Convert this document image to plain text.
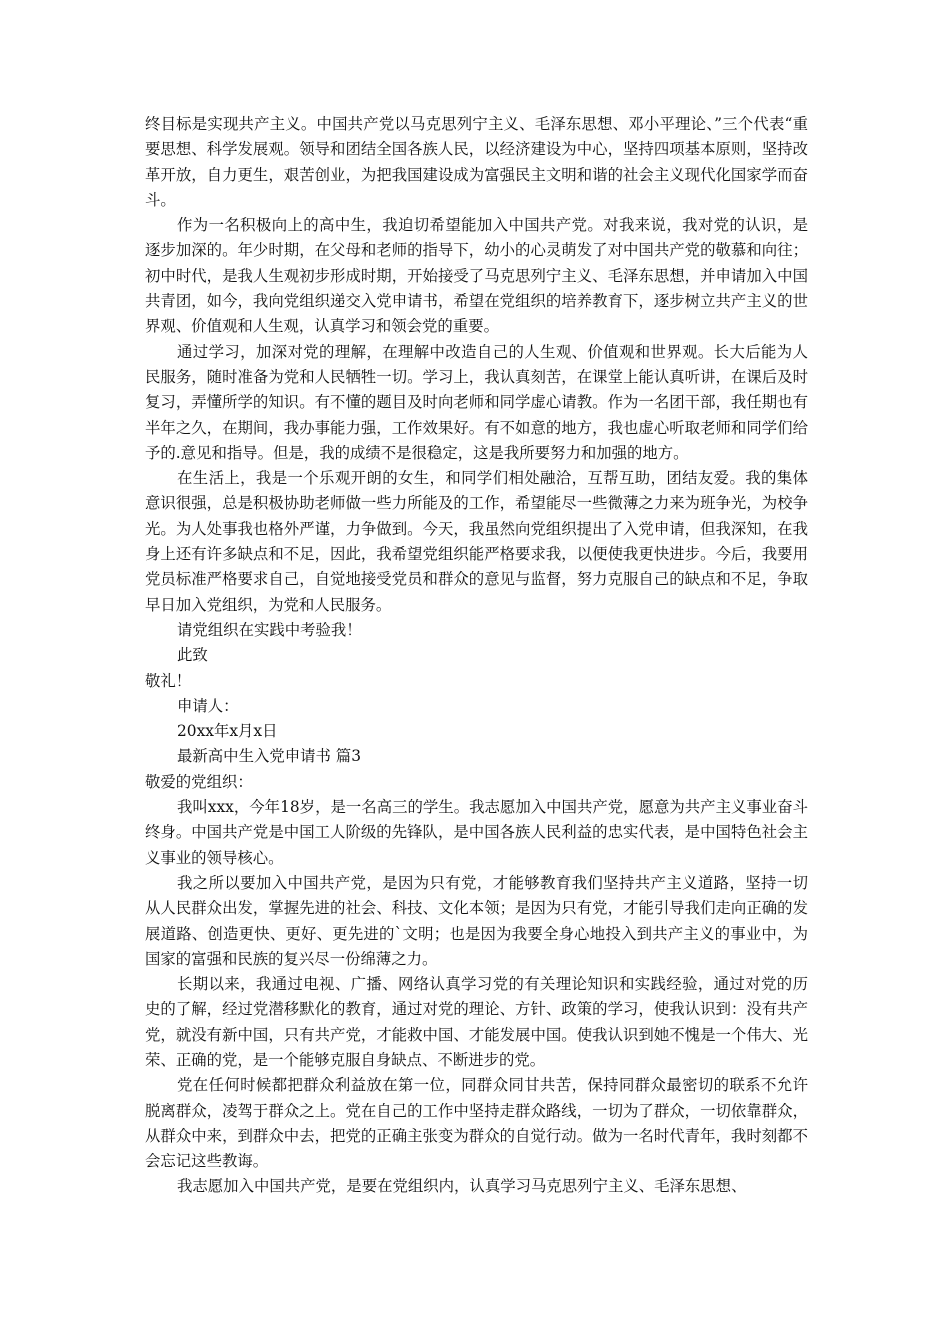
终目标是实现共产主义。中国共产党以马克思列宁主义、毛泽东思想、邓小平理论、”三个代表“重要思想、科学发展观。领导和团结全国各族人民，以经济建设为中心，坚持四项基本原则，坚持改革开放，自力更生，艰苦创业，为把我国建设成为富强民主文明和谐的社会主义现代化国家学而奋斗。

作为一名积极向上的高中生，我迫切希望能加入中国共产党。对我来说，我对党的认识，是逐步加深的。年少时期，在父母和老师的指导下，幼小的心灵萌发了对中国共产党的敬慕和向往；初中时代，是我人生观初步形成时期，开始接受了马克思列宁主义、毛泽东思想，并申请加入中国共青团，如今，我向党组织递交入党申请书，希望在党组织的培养教育下，逐步树立共产主义的世界观、价值观和人生观，认真学习和领会党的重要。

通过学习，加深对党的理解，在理解中改造自己的人生观、价值观和世界观。长大后能为人民服务，随时准备为党和人民牺牲一切。学习上，我认真刻苦，在课堂上能认真听讲，在课后及时复习，弄懂所学的知识。有不懂的题目及时向老师和同学虚心请教。作为一名团干部，我任期也有半年之久，在期间，我办事能力强，工作效果好。有不如意的地方，我也虚心听取老师和同学们给予的.意见和指导。但是，我的成绩不是很稳定，这是我所要努力和加强的地方。

在生活上，我是一个乐观开朗的女生，和同学们相处融洽，互帮互助，团结友爱。我的集体意识很强，总是积极协助老师做一些力所能及的工作，希望能尽一些微薄之力来为班争光，为校争光。为人处事我也格外严谨，力争做到。今天，我虽然向党组织提出了入党申请，但我深知，在我身上还有许多缺点和不足，因此，我希望党组织能严格要求我，以便使我更快进步。今后，我要用党员标准严格要求自己，自觉地接受党员和群众的意见与监督，努力克服自己的缺点和不足，争取早日加入党组织，为党和人民服务。

请党组织在实践中考验我！

此致

敬礼！

申请人：

20xx年x月x日

最新高中生入党申请书 篇3

敬爱的党组织：

我叫xxx，今年18岁，是一名高三的学生。我志愿加入中国共产党，愿意为共产主义事业奋斗终身。中国共产党是中国工人阶级的先锋队，是中国各族人民利益的忠实代表，是中国特色社会主义事业的领导核心。

我之所以要加入中国共产党，是因为只有党，才能够教育我们坚持共产主义道路，坚持一切从人民群众出发，掌握先进的社会、科技、文化本领；是因为只有党，才能引导我们走向正确的发展道路、创造更快、更好、更先进的`文明；也是因为我要全身心地投入到共产主义的事业中，为国家的富强和民族的复兴尽一份绵薄之力。

长期以来，我通过电视、广播、网络认真学习党的有关理论知识和实践经验，通过对党的历史的了解，经过党潜移默化的教育，通过对党的理论、方针、政策的学习，使我认识到：没有共产党，就没有新中国，只有共产党，才能救中国、才能发展中国。使我认识到她不愧是一个伟大、光荣、正确的党，是一个能够克服自身缺点、不断进步的党。

党在任何时候都把群众利益放在第一位，同群众同甘共苦，保持同群众最密切的联系不允许脱离群众，凌驾于群众之上。党在自己的工作中坚持走群众路线，一切为了群众，一切依靠群众，从群众中来，到群众中去，把党的正确主张变为群众的自觉行动。做为一名时代青年，我时刻都不会忘记这些教诲。

我志愿加入中国共产党，是要在党组织内，认真学习马克思列宁主义、毛泽东思想、
